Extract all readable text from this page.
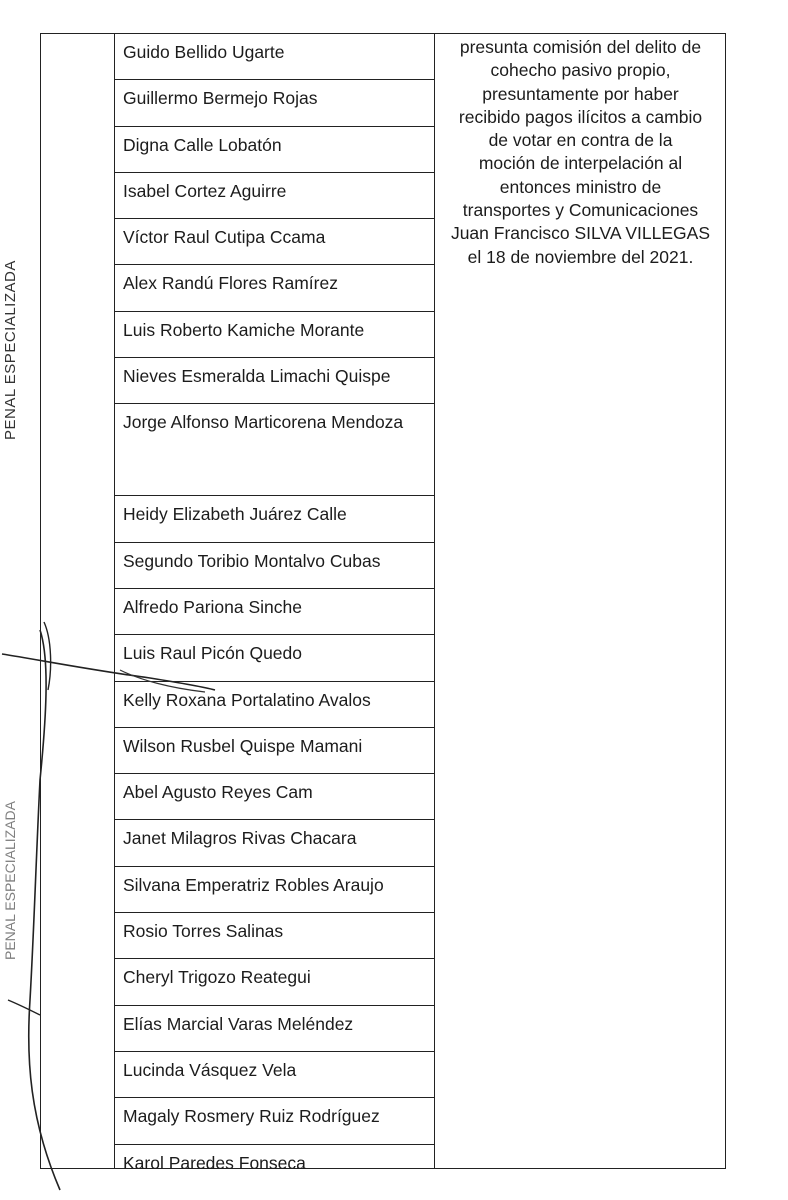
PENAL ESPECIALIZADA
PENAL ESPECIALIZADA
Guido Bellido Ugarte
Guillermo Bermejo Rojas
Digna Calle Lobatón
Isabel Cortez Aguirre
Víctor Raul Cutipa Ccama
Alex Randú Flores Ramírez
Luis Roberto Kamiche Morante
Nieves Esmeralda Limachi Quispe
Jorge Alfonso Marticorena Mendoza
Heidy Elizabeth Juárez Calle
Segundo Toribio Montalvo Cubas
Alfredo Pariona Sinche
Luis Raul Picón Quedo
Kelly Roxana Portalatino Avalos
Wilson Rusbel Quispe Mamani
Abel Agusto Reyes Cam
Janet Milagros Rivas Chacara
Silvana Emperatriz Robles Araujo
Rosio Torres Salinas
Cheryl Trigozo Reategui
Elías Marcial Varas Meléndez
Lucinda Vásquez Vela
Magaly Rosmery Ruiz Rodríguez
Karol Paredes Fonseca
presunta comisión del delito de
cohecho pasivo propio,
presuntamente por haber
recibido pagos ilícitos a cambio
de votar en contra de la
moción de interpelación al
entonces ministro de
transportes y Comunicaciones
Juan Francisco SILVA VILLEGAS
el 18 de noviembre del 2021.
